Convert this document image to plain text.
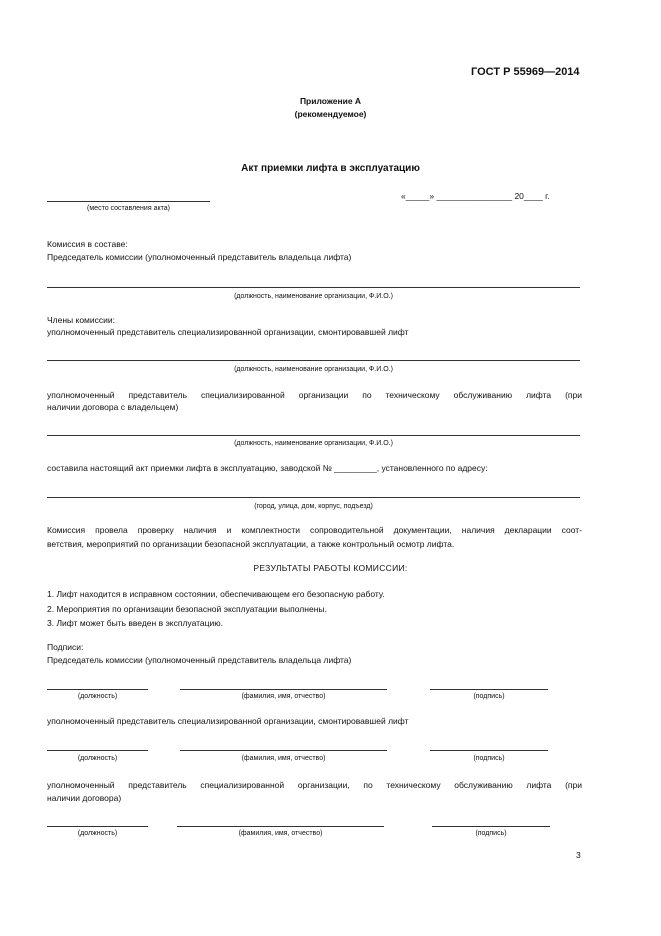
ГОСТ Р 55969—2014
Приложение А
(рекомендуемое)
Акт приемки лифта в эксплуатацию
(место составления акта)
«_____» ________________ 20____ г.
Комиссия в составе:
Председатель комиссии (уполномоченный представитель владельца лифта)
(должность, наименование организации, Ф.И.О.)
Члены комиссии:
уполномоченный представитель специализированной организации, смонтировавшей лифт
(должность, наименование организации, Ф.И.О.)
уполномоченный представитель специализированной организации по техническому обслуживанию лифта (при
наличии договора с владельцем)
(должность, наименование организации, Ф.И.О.)
составила настоящий акт приемки лифта в эксплуатацию, заводской № _________, установленного по адресу:
(город, улица, дом, корпус, подъезд)
Комиссия провела проверку наличия и комплектности сопроводительной документации, наличия декларации соот-
ветствия, мероприятий по организации безопасной эксплуатации, а также контрольный осмотр лифта.
РЕЗУЛЬТАТЫ РАБОТЫ КОМИССИИ:
1. Лифт находится в исправном состоянии, обеспечивающем его безопасную работу.
2. Мероприятия по организации безопасной эксплуатации выполнены.
3. Лифт может быть введен в эксплуатацию.
Подписи:
Председатель комиссии (уполномоченный представитель владельца лифта)
(должность)	(фамилия, имя, отчество)	(подпись)
уполномоченный представитель специализированной организации, смонтировавшей лифт
(должность)	(фамилия, имя, отчество)	(подпись)
уполномоченный представитель специализированной организации, по техническому обслуживанию лифта (при
наличии договора)
(должность)	(фамилия, имя, отчество)	(подпись)
3
